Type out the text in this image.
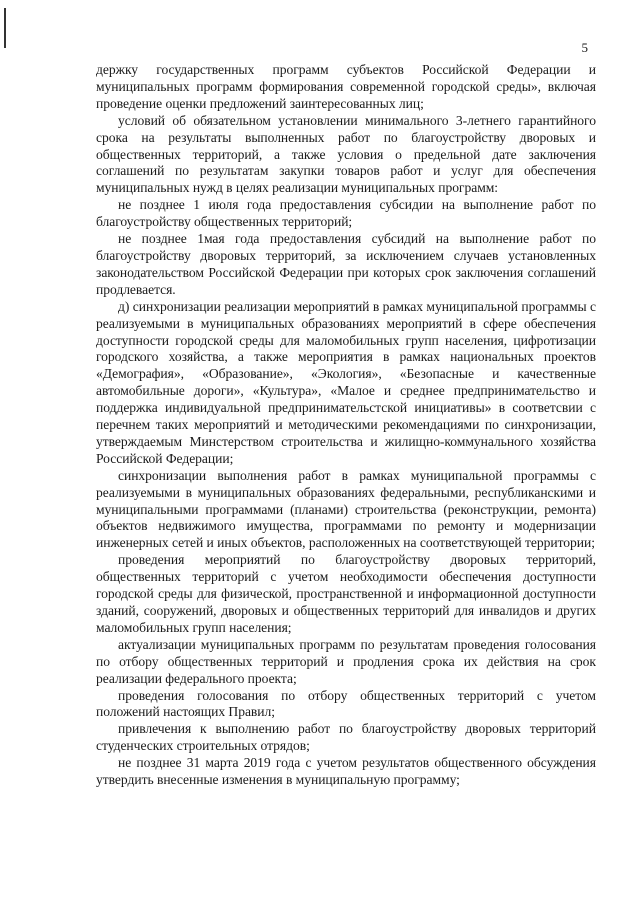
5

держку государственных программ субъектов Российской Федерации и муниципальных программ формирования современной городской среды», включая проведение оценки предложений заинтересованных лиц;

условий об обязательном установлении минимального 3-летнего гарантийного срока на результаты выполненных работ по благоустройству дворовых и общественных территорий, а также условия о предельной дате заключения соглашений по результатам закупки товаров работ и услуг для обеспечения муниципальных нужд в целях реализации муниципальных программ:

не позднее 1 июля года предоставления субсидии на выполнение работ по благоустройству общественных территорий;

не позднее 1мая года предоставления субсидий на выполнение работ по благоустройству дворовых территорий, за исключением случаев установленных законодательством Российской Федерации при которых срок заключения соглашений продлевается.

д) синхронизации реализации мероприятий в рамках муниципальной программы с реализуемыми в муниципальных образованиях мероприятий в сфере обеспечения доступности городской среды для маломобильных групп населения, цифротизации городского хозяйства, а также мероприятия в рамках национальных проектов «Демография», «Образование», «Экология», «Безопасные и качественные автомобильные дороги», «Культура», «Малое и среднее предпринимательство и поддержка индивидуальной предпринимательстской инициативы» в соответсвии с перечнем таких мероприятий и методическими рекомендациями по синхронизации, утверждаемым Минстерством строительства и жилищно-коммунального хозяйства Российской Федерации;

синхронизации выполнения работ в рамках муниципальной программы с реализуемыми в муниципальных образованиях федеральными, республиканскими и муниципальными программами (планами) строительства (реконструкции, ремонта) объектов недвижимого имущества, программами по ремонту и модернизации инженерных сетей и иных объектов, расположенных на соответствующей территории;

проведения мероприятий по благоустройству дворовых территорий, общественных территорий с учетом необходимости обеспечения доступности городской среды для физической, пространственной и информационной доступности зданий, сооружений, дворовых и общественных территорий для инвалидов и других маломобильных групп населения;

актуализации муниципальных программ по результатам проведения голосования по отбору общественных территорий и продления срока их действия на срок реализации федерального проекта;

проведения голосования по отбору общественных территорий с учетом положений настоящих Правил;

привлечения к выполнению работ по благоустройству дворовых территорий студенческих строительных отрядов;

не позднее 31 марта 2019 года с учетом результатов общественного обсуждения утвердить внесенные изменения в муниципальную программу;
